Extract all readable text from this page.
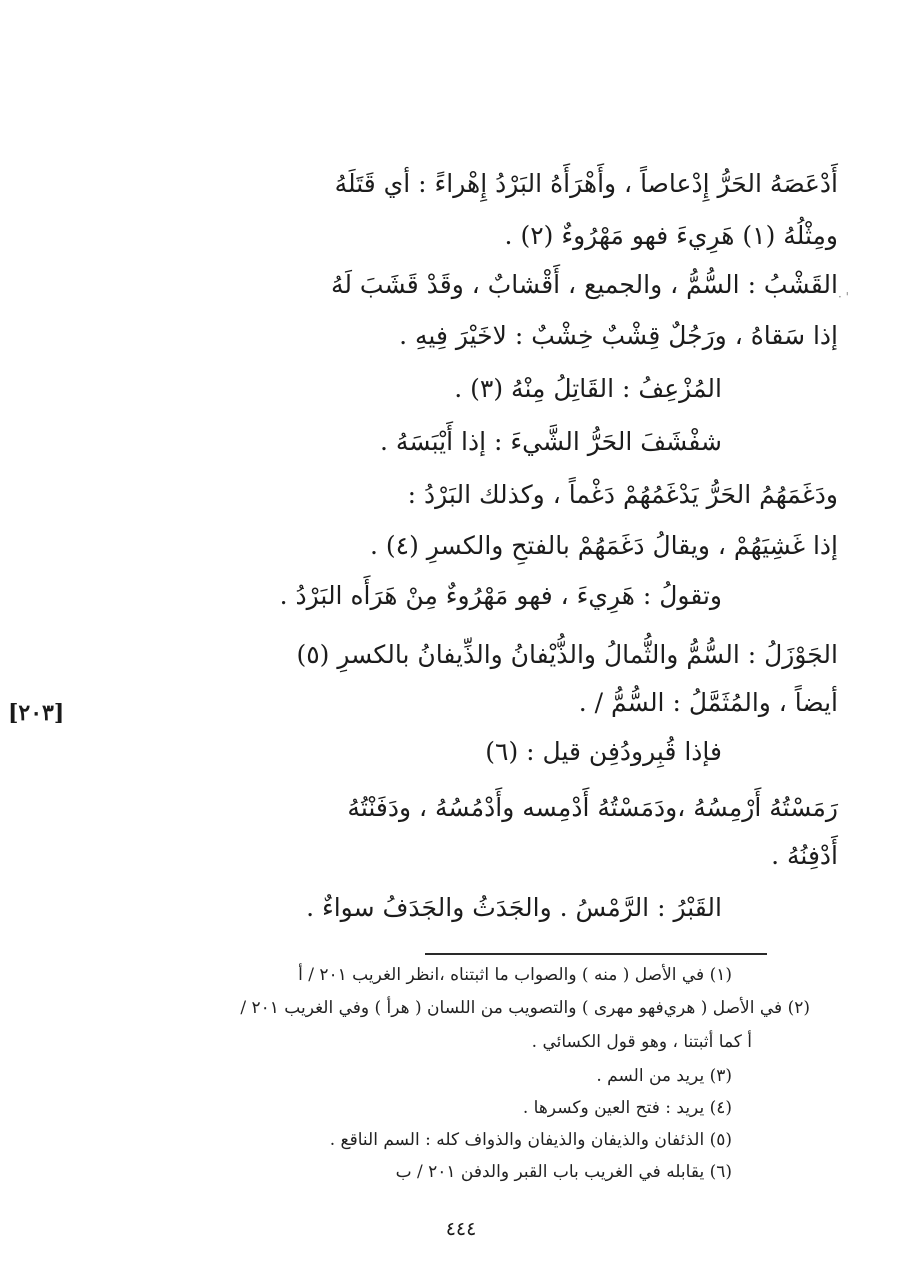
أَدْعَصَهُ الحَرُّ إِدْعاصاً ، وأَهْرَأَهُ البَرْدُ إِهْراءً : أي قَتَلَهُ
ومِثْلُهُ (١) هَرِيءَ فهو مَهْرُوءٌ (٢) .
القَشْبُ : السُّمُّ ، والجميع ، أَقْشابٌ ، وقَدْ قَشَبَ لَهُ
إذا سَقاهُ ، ورَجُلٌ قِشْبٌ خِشْبٌ : لاخَيْرَ فِيهِ .
المُزْعِفُ : القَاتِلُ مِنْهُ (٣) .
شفْشَفَ الحَرُّ الشَّيءَ : إذا أَيْبَسَهُ .
ودَغَمَهُمُ الحَرُّ يَدْغَمُهُمْ دَغْماً ، وكذلك البَرْدُ :
إذا غَشِيَهُمْ ، ويقالُ دَغَمَهُمْ بالفتحِ والكسرِ (٤) .
وتقولُ : هَرِيءَ ، فهو مَهْرُوءٌ مِنْ هَرَأَه البَرْدُ .
الجَوْزَلُ : السُّمُّ والثُّمالُ والذُّيْفانُ والذِّيفانُ بالكسرِ (٥)
أيضاً ، والمُثَمَّلُ : السُّمُّ / .
فإذا قُبِرودُفِن قيل : (٦)
رَمَسْتُهُ أَرْمِسُهُ ،ودَمَسْتُهُ أَدْمِسه وأَدْمُسُهُ ، ودَفَنْتُهُ
أَدْفِنُهُ .
القَبْرُ : الرَّمْسُ . والجَدَثُ والجَدَفُ سواءٌ .
[٢٠٣]
(١) في الأصل ( منه ) والصواب ما اثبتناه ،انظر الغريب ٢٠١ / أ
(٢) في الأصل ( هري‌فهو مهرى ) والتصويب من اللسان ( هرأ ) وفي الغريب ٢٠١ /
أ كما أثبتنا ، وهو قول الكسائي .
(٣) يريد من السم .
(٤) يريد : فتح العين وكسرها .
(٥) الذئفان والذيفان والذيفان والذواف كله : السم الناقع .
(٦) يقابله في الغريب باب القبر والدفن ٢٠١ / ب
٤٤٤
· '
